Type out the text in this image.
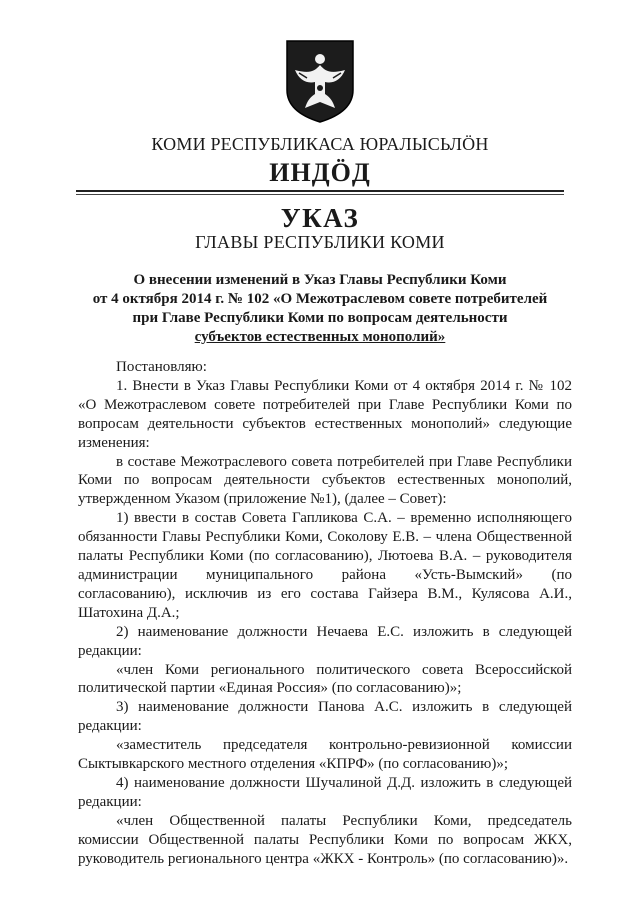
КОМИ РЕСПУБЛИКАСА ЮРАЛЫСЬЛӦН
ИНДӦД
УКАЗ
ГЛАВЫ РЕСПУБЛИКИ КОМИ
О внесении изменений в Указ Главы Республики Коми
от 4 октября 2014 г. № 102 «О Межотраслевом совете потребителей
при Главе Республики Коми по вопросам деятельности
субъектов естественных монополий»

Постановляю:

1. Внести в Указ Главы Республики Коми от 4 октября 2014 г. № 102 «О Межотраслевом совете потребителей при Главе Республики Коми по вопросам деятельности субъектов естественных монополий» следующие изменения:

в составе Межотраслевого совета потребителей при Главе Республики Коми по вопросам деятельности субъектов естественных монополий, утвержденном Указом (приложение №1), (далее – Совет):

1) ввести в состав Совета Гапликова С.А. – временно исполняющего обязанности Главы Республики Коми, Соколову Е.В. – члена Общественной палаты Республики Коми (по согласованию), Лютоева В.А. – руководителя администрации муниципального района «Усть-Вымский» (по согласованию), исключив из его состава Гайзера В.М., Кулясова А.И., Шатохина Д.А.;

2) наименование должности Нечаева Е.С. изложить в следующей редакции:

«член Коми регионального политического совета Всероссийской политической партии «Единая Россия» (по согласованию)»;

3) наименование должности Панова А.С. изложить в следующей редакции:

«заместитель председателя контрольно-ревизионной комиссии Сыктывкарского местного отделения «КПРФ» (по согласованию)»;

4) наименование должности Шучалиной Д.Д. изложить в следующей редакции:

«член Общественной палаты Республики Коми, председатель комиссии Общественной палаты Республики Коми по вопросам ЖКХ, руководитель регионального центра «ЖКХ - Контроль» (по согласованию)».
